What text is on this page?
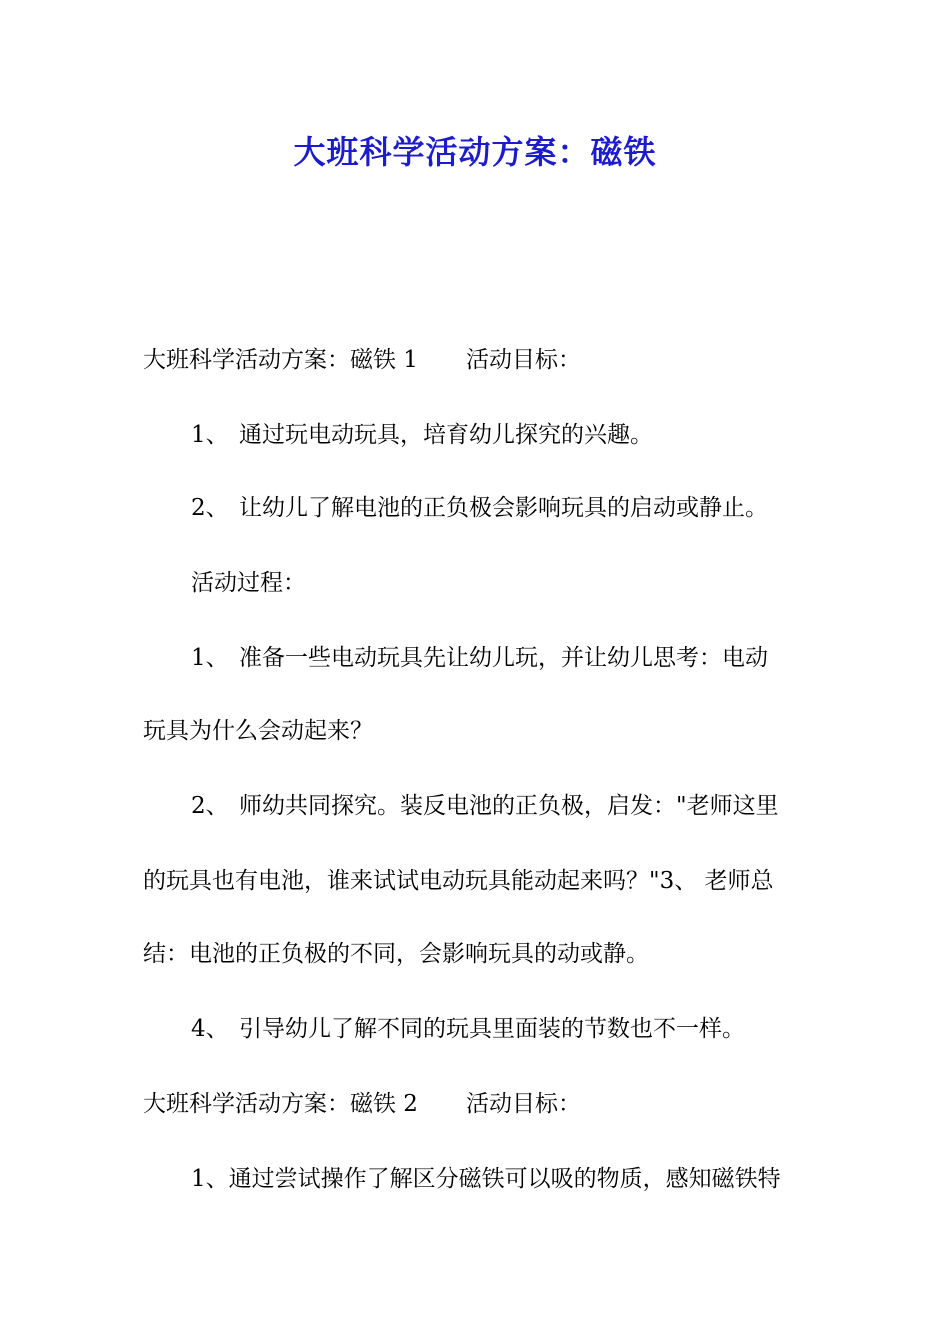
大班科学活动方案：磁铁

大班科学活动方案：磁铁 1 活动目标：

1、 通过玩电动玩具，培育幼儿探究的兴趣。

2、 让幼儿了解电池的正负极会影响玩具的启动或静止。

活动过程：

1、 准备一些电动玩具先让幼儿玩，并让幼儿思考：电动

玩具为什么会动起来？

2、 师幼共同探究。装反电池的正负极，启发："老师这里

的玩具也有电池，谁来试试电动玩具能动起来吗？"3、 老师总

结：电池的正负极的不同，会影响玩具的动或静。

4、 引导幼儿了解不同的玩具里面装的节数也不一样。

大班科学活动方案：磁铁 2 活动目标：

1、通过尝试操作了解区分磁铁可以吸的物质，感知磁铁特
